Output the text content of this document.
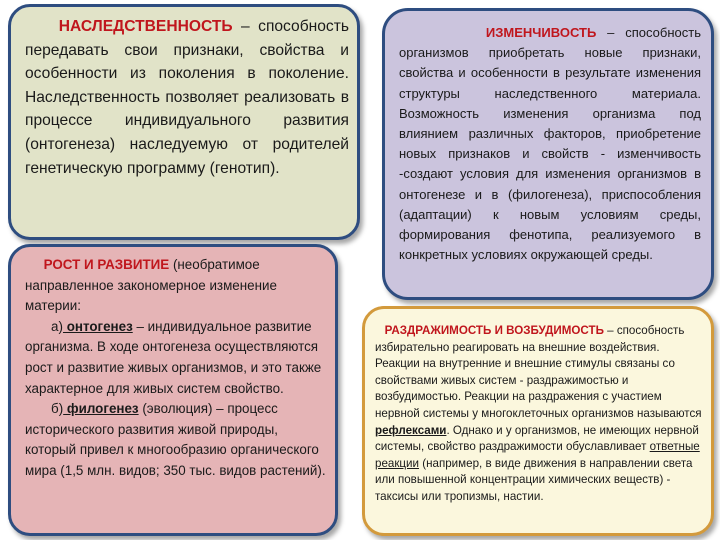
НАСЛЕДСТВЕННОСТЬ – способность передавать свои признаки, свойства и особенности из поколения в поколение. Наследственность позволяет реализовать в процессе индивидуального развития (онтогенеза) наследуемую от родителей генетическую программу (генотип).

РОСТ И РАЗВИТИЕ (необратимое направленное закономерное изменение материи:

а) онтогенез – индивидуальное развитие организма. В ходе онтогенеза осуществляются рост и развитие живых организмов, и это также характерное для живых систем свойство.

б) филогенез (эволюция) – процесс исторического развития живой природы, который привел к многообразию органического мира (1,5 млн. видов; 350 тыс. видов растений).

ИЗМЕНЧИВОСТЬ – способность организмов приобретать новые признаки, свойства и особенности в результате изменения структуры наследственного материала. Возможность изменения организма под влиянием различных факторов, приобретение новых признаков и свойств - изменчивость -создают условия для изменения организмов в онтогенезе и в (филогенеза), приспособления (адаптации) к новым условиям среды, формирования фенотипа, реализуемого в конкретных условиях окружающей среды.

РАЗДРАЖИМОСТЬ И ВОЗБУДИМОСТЬ – способность избирательно реагировать на внешние воздействия. Реакции на внутренние и внешние стимулы связаны со свойствами живых систем - раздражимостью и возбудимостью. Реакции на раздражения с участием нервной системы у многоклеточных организмов называются рефлексами. Однако и у организмов, не имеющих нервной системы, свойство раздражимости обуславливает ответные реакции (например, в виде движения в направлении света или повышенной концентрации химических веществ) - таксисы или тропизмы, настии.
